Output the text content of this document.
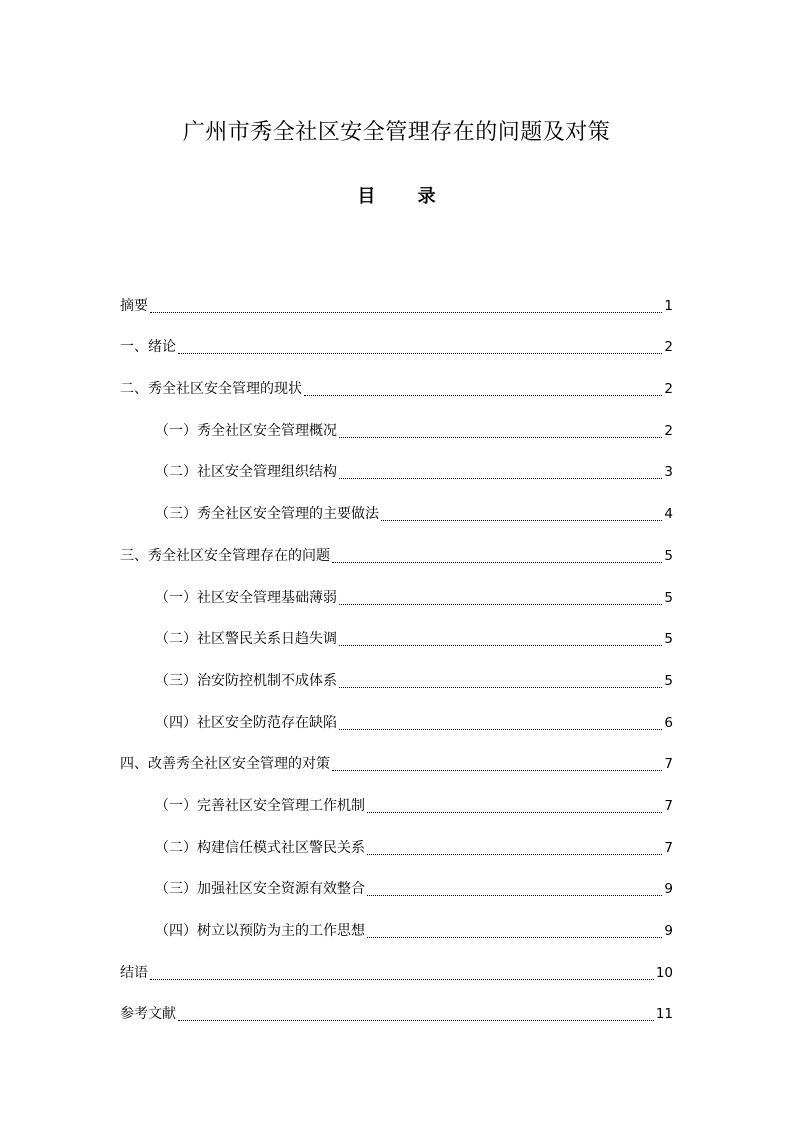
广州市秀全社区安全管理存在的问题及对策
目 录
摘要	1
一、绪论	2
二、秀全社区安全管理的现状	2
（一）秀全社区安全管理概况	2
（二）社区安全管理组织结构	3
（三）秀全社区安全管理的主要做法	4
三、秀全社区安全管理存在的问题	5
（一）社区安全管理基础薄弱	5
（二）社区警民关系日趋失调	5
（三）治安防控机制不成体系	5
（四）社区安全防范存在缺陷	6
四、改善秀全社区安全管理的对策	7
（一）完善社区安全管理工作机制	7
（二）构建信任模式社区警民关系	7
（三）加强社区安全资源有效整合	9
（四）树立以预防为主的工作思想	9
结语	10
参考文献	11
